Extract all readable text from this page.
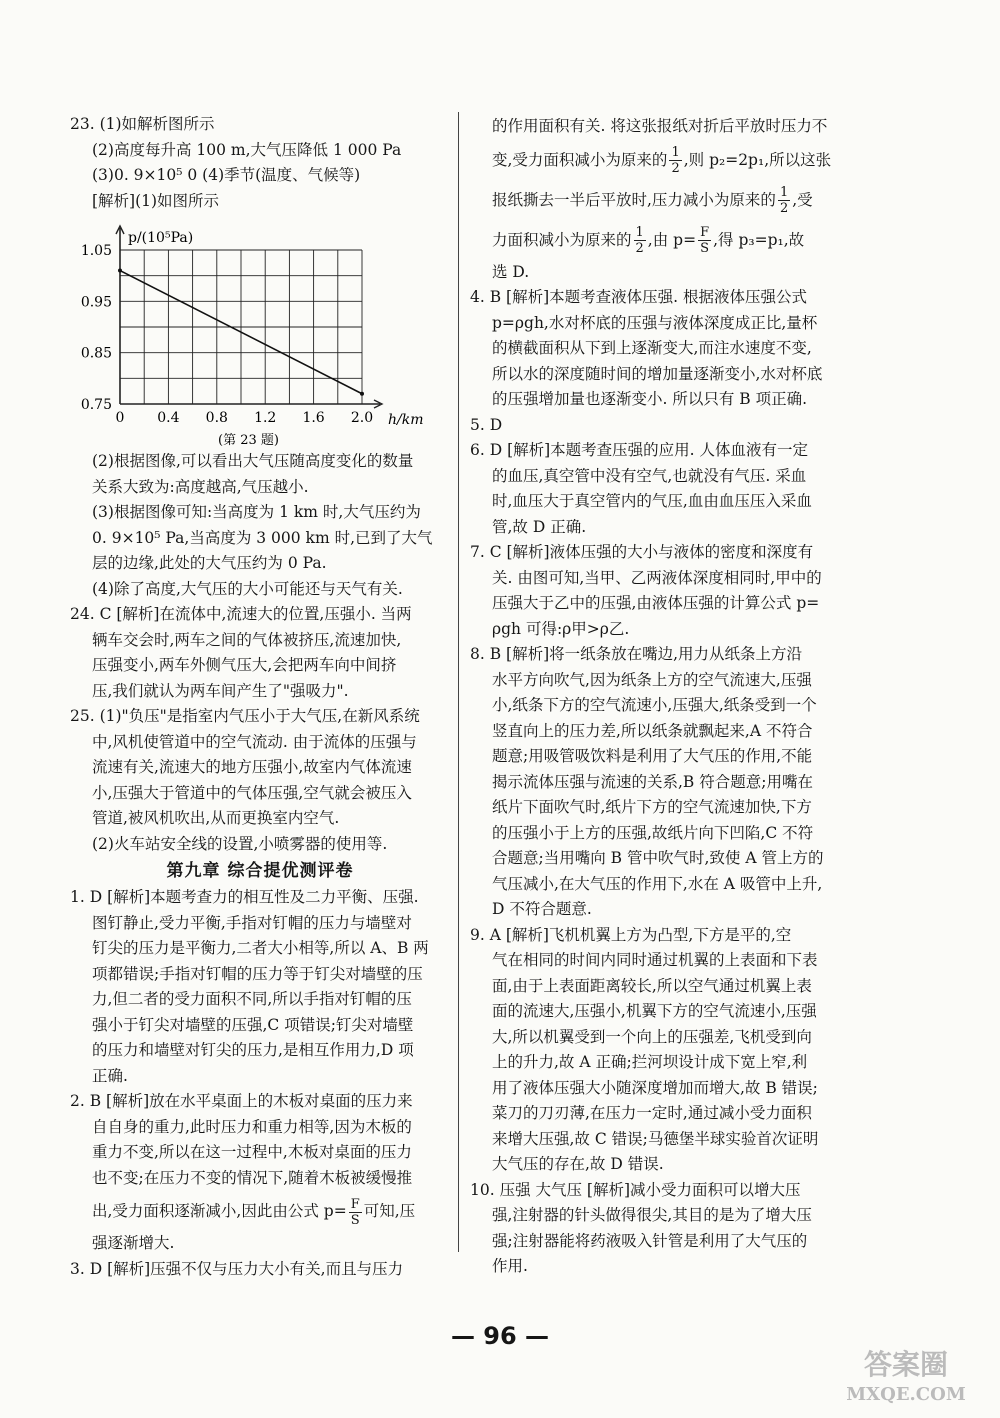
23. (1)如解析图所示

(2)高度每升高 100 m,大气压降低 1 000 Pa

(3)0. 9×10⁵ 0 (4)季节(温度、气候等)

[解析](1)如图所示

0 0.4 0.8 1.2 1.6 2.0
0.75
0.85
0.95
1.05
p/(10⁵Pa)
h/km
(第 23 题)

(2)根据图像,可以看出大气压随高度变化的数量

关系大致为:高度越高,气压越小.

(3)根据图像可知:当高度为 1 km 时,大气压约为

0. 9×10⁵ Pa,当高度为 3 000 km 时,已到了大气

层的边缘,此处的大气压约为 0 Pa.

(4)除了高度,大气压的大小可能还与天气有关.

24. C [解析]在流体中,流速大的位置,压强小. 当两

辆车交会时,两车之间的气体被挤压,流速加快,

压强变小,两车外侧气压大,会把两车向中间挤

压,我们就认为两车间产生了"强吸力".

25. (1)"负压"是指室内气压小于大气压,在新风系统

中,风机使管道中的空气流动. 由于流体的压强与

流速有关,流速大的地方压强小,故室内气体流速

小,压强大于管道中的气体压强,空气就会被压入

管道,被风机吹出,从而更换室内空气.

(2)火车站安全线的设置,小喷雾器的使用等.

第九章 综合提优测评卷

1. D [解析]本题考查力的相互性及二力平衡、压强.

图钉静止,受力平衡,手指对钉帽的压力与墙壁对

钉尖的压力是平衡力,二者大小相等,所以 A、B 两

项都错误;手指对钉帽的压力等于钉尖对墙壁的压

力,但二者的受力面积不同,所以手指对钉帽的压

强小于钉尖对墙壁的压强,C 项错误;钉尖对墙壁

的压力和墙壁对钉尖的压力,是相互作用力,D 项

正确.

2. B [解析]放在水平桌面上的木板对桌面的压力来

自自身的重力,此时压力和重力相等,因为木板的

重力不变,所以在这一过程中,木板对桌面的压力

也不变;在压力不变的情况下,随着木板被缓慢推

出,受力面积逐渐减小,因此由公式 $p= \frac{F}{S}$ 可知,压

强逐渐增大.

3. D [解析]压强不仅与压力大小有关,而且与压力

的作用面积有关. 将这张报纸对折后平放时压力不

变,受力面积减小为原来的 $\frac{1}{2}$ ,则 p₂=2p₁,所以这张

报纸撕去一半后平放时,压力减小为原来的 $\frac{1}{2}$ ,受

力面积减小为原来的 $\frac{1}{2}$ ,由 $p= \frac{F}{S}$ ,得 p₃=p₁,故

选 D.

4. B [解析]本题考查液体压强. 根据液体压强公式

p=ρgh,水对杯底的压强与液体深度成正比,量杯

的横截面积从下到上逐渐变大,而注水速度不变,

所以水的深度随时间的增加量逐渐变小,水对杯底

的压强增加量也逐渐变小. 所以只有 B 项正确.

5. D

6. D [解析]本题考查压强的应用. 人体血液有一定

的血压,真空管中没有空气,也就没有气压. 采血

时,血压大于真空管内的气压,血由血压压入采血

管,故 D 正确.

7. C [解析]液体压强的大小与液体的密度和深度有

关. 由图可知,当甲、乙两液体深度相同时,甲中的

压强大于乙中的压强,由液体压强的计算公式 p=

ρgh 可得:ρ甲>ρ乙.

8. B [解析]将一纸条放在嘴边,用力从纸条上方沿

水平方向吹气,因为纸条上方的空气流速大,压强

小,纸条下方的空气流速小,压强大,纸条受到一个

竖直向上的压力差,所以纸条就飘起来,A 不符合

题意;用吸管吸饮料是利用了大气压的作用,不能

揭示流体压强与流速的关系,B 符合题意;用嘴在

纸片下面吹气时,纸片下方的空气流速加快,下方

的压强小于上方的压强,故纸片向下凹陷,C 不符

合题意;当用嘴向 B 管中吹气时,致使 A 管上方的

气压减小,在大气压的作用下,水在 A 吸管中上升,

D 不符合题意.

9. A [解析]飞机机翼上方为凸型,下方是平的,空

气在相同的时间内同时通过机翼的上表面和下表

面,由于上表面距离较长,所以空气通过机翼上表

面的流速大,压强小,机翼下方的空气流速小,压强

大,所以机翼受到一个向上的压强差,飞机受到向

上的升力,故 A 正确;拦河坝设计成下宽上窄,利

用了液体压强大小随深度增加而增大,故 B 错误;

菜刀的刀刃薄,在压力一定时,通过减小受力面积

来增大压强,故 C 错误;马德堡半球实验首次证明

大气压的存在,故 D 错误.

10. 压强 大气压 [解析]减小受力面积可以增大压

强,注射器的针头做得很尖,其目的是为了增大压

强;注射器能将药液吸入针管是利用了大气压的

作用.

— 96 —
答案圈
MXQE.COM
